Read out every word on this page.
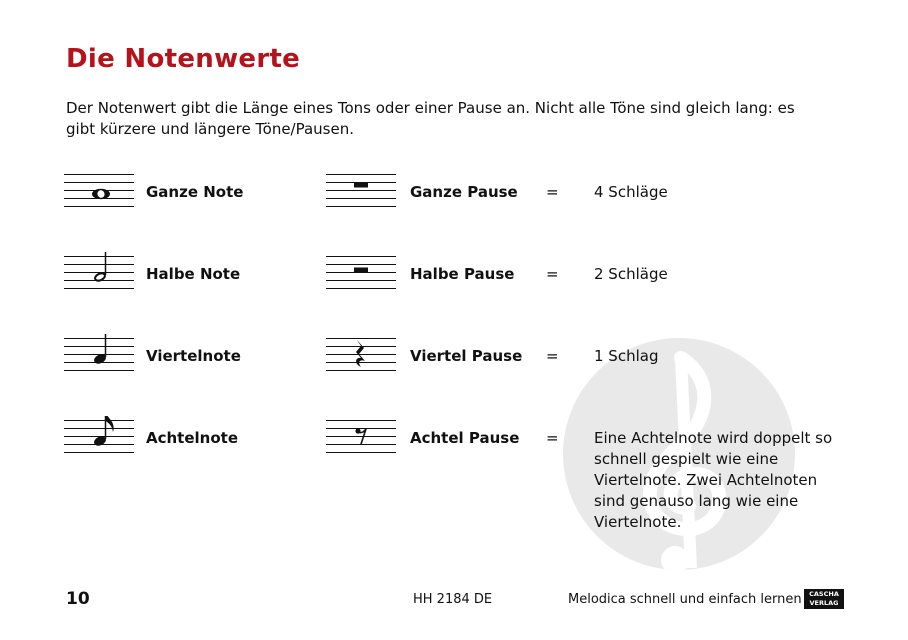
Die Notenwerte
Der Notenwert gibt die Länge eines Tons oder einer Pause an. Nicht alle Töne sind gleich lang: es gibt kürzere und längere Töne/Pausen.
Ganze Note	Ganze Pause = 4 Schläge
Halbe Note	Halbe Pause = 2 Schläge
Viertelnote	Viertel Pause = 1 Schlag
Achtelnote	Achtel Pause = Eine Achtelnote wird doppelt so schnell gespielt wie eine Viertelnote. Zwei Achtelnoten sind genauso lang wie eine Viertelnote.
10	HH 2184 DE	Melodica schnell und einfach lernen	CASCHA
VERLAG
